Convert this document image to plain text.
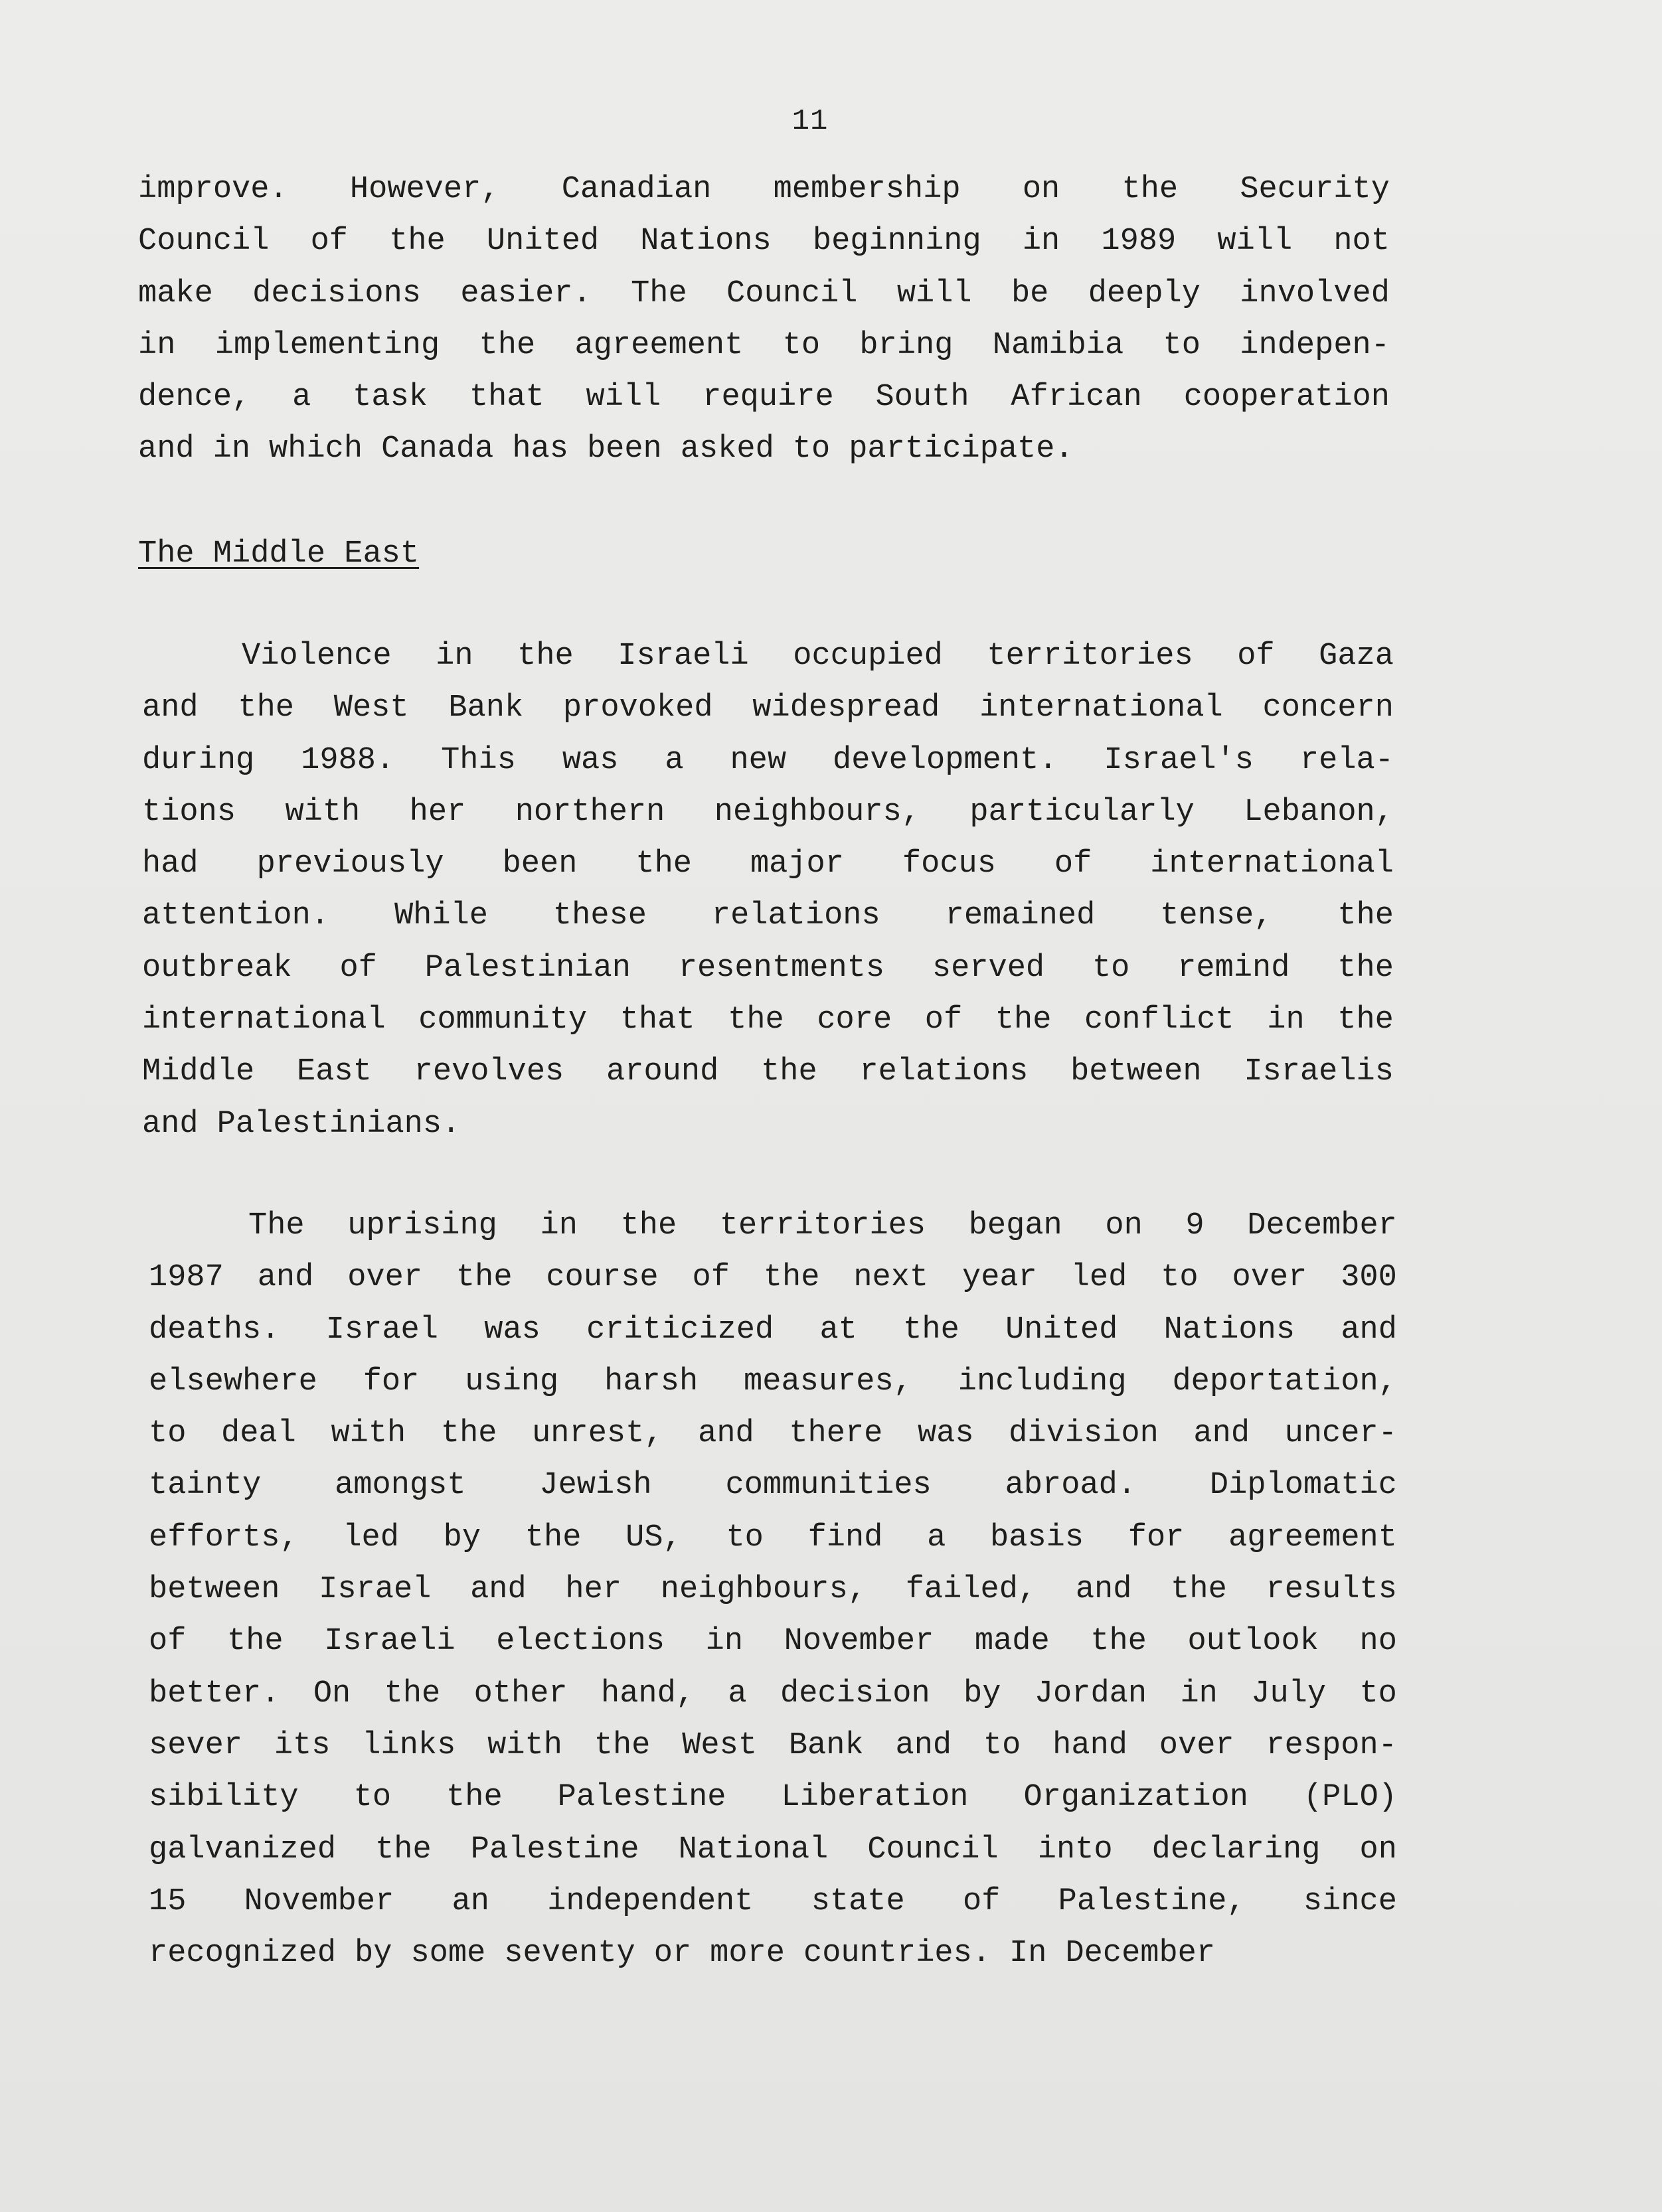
11
improve. However, Canadian membership on the Security
Council of the United Nations beginning in 1989 will not
make decisions easier. The Council will be deeply involved
in implementing the agreement to bring Namibia to indepen-
dence, a task that will require South African cooperation
and in which Canada has been asked to participate.
The Middle East
Violence in the Israeli occupied territories of Gaza
and the West Bank provoked widespread international concern
during 1988. This was a new development. Israel's rela-
tions with her northern neighbours, particularly Lebanon,
had previously been the major focus of international
attention. While these relations remained tense, the
outbreak of Palestinian resentments served to remind the
international community that the core of the conflict in the
Middle East revolves around the relations between Israelis
and Palestinians.
The uprising in the territories began on 9 December
1987 and over the course of the next year led to over 300
deaths. Israel was criticized at the United Nations and
elsewhere for using harsh measures, including deportation,
to deal with the unrest, and there was division and uncer-
tainty amongst Jewish communities abroad. Diplomatic
efforts, led by the US, to find a basis for agreement
between Israel and her neighbours, failed, and the results
of the Israeli elections in November made the outlook no
better. On the other hand, a decision by Jordan in July to
sever its links with the West Bank and to hand over respon-
sibility to the Palestine Liberation Organization (PLO)
galvanized the Palestine National Council into declaring on
15 November an independent state of Palestine, since
recognized by some seventy or more countries. In December
